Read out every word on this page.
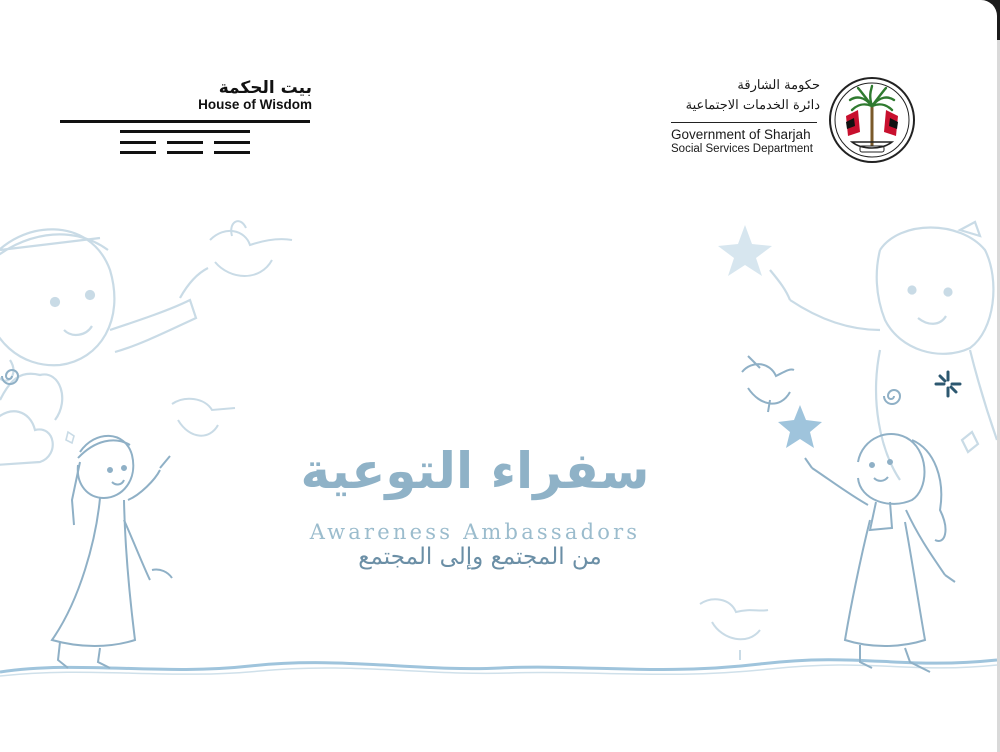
بيت الحكمة
House of Wisdom
حكومة الشارقة
دائرة الخدمات الاجتماعية
Government of Sharjah
Social Services Department
سفراء التوعية
Awareness Ambassadors
من المجتمع وإلى المجتمع
